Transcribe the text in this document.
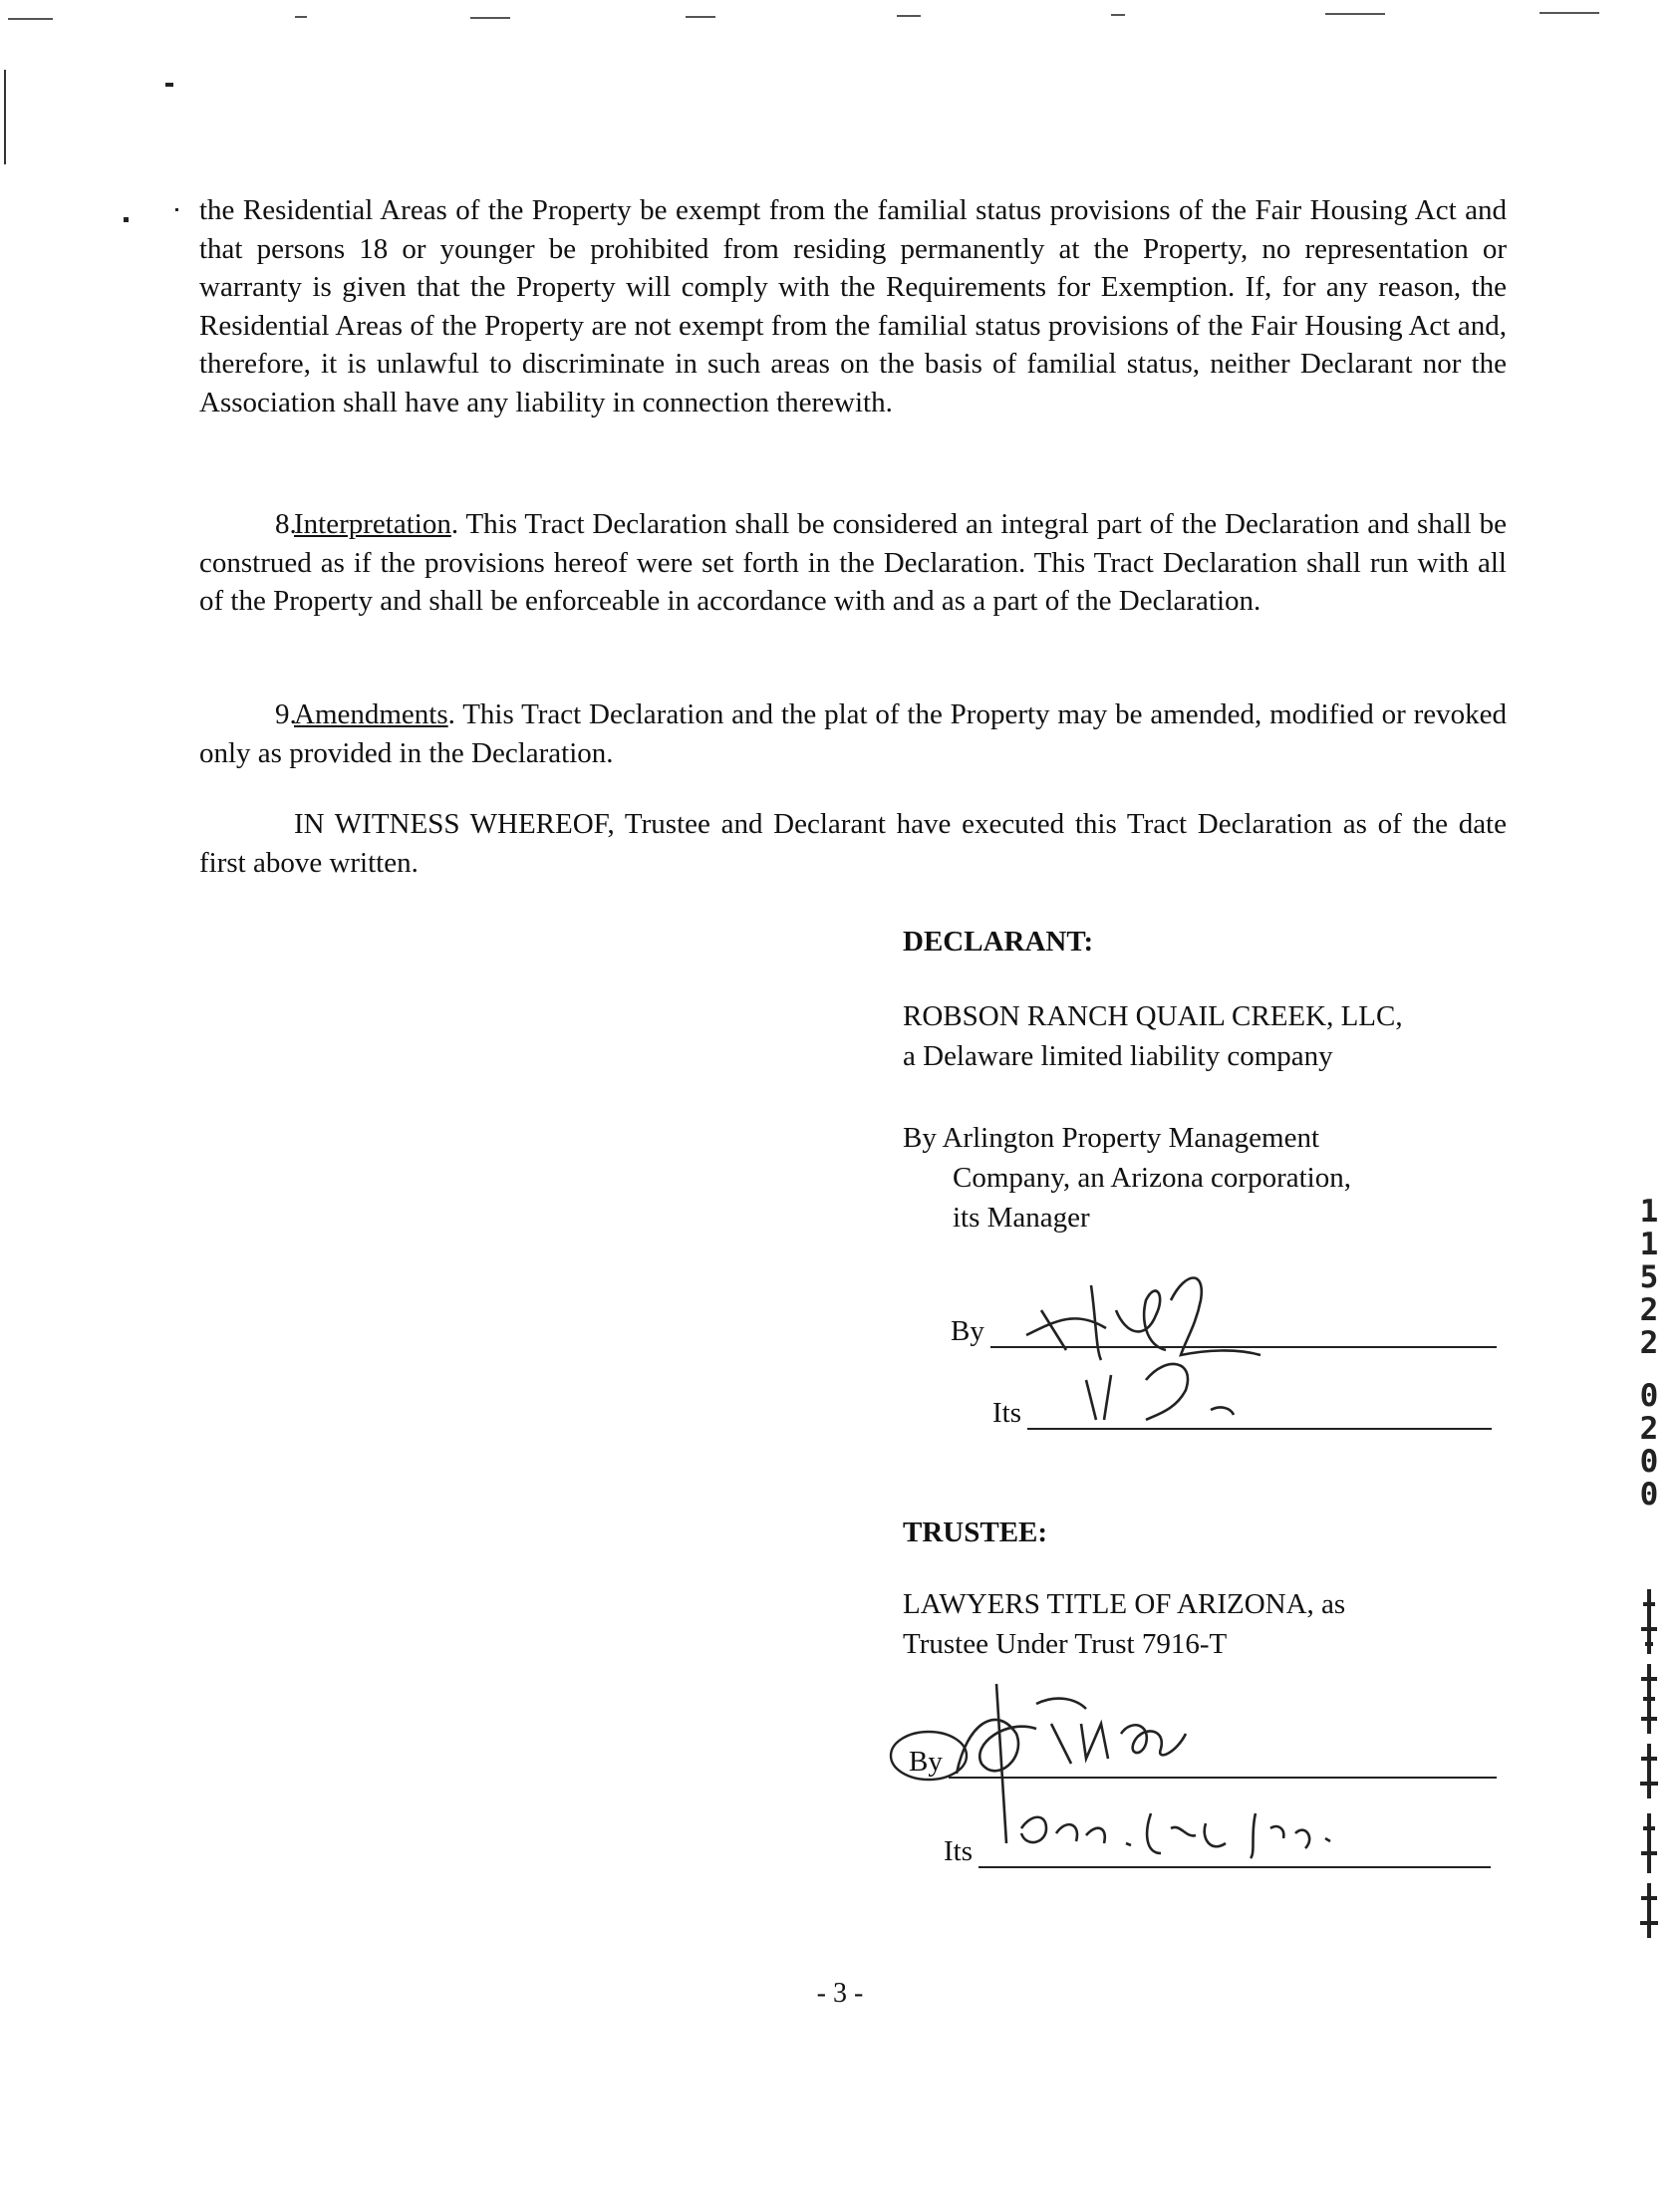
the Residential Areas of the Property be exempt from the familial status provisions of the Fair Housing Act and that persons 18 or younger be prohibited from residing permanently at the Property, no representation or warranty is given that the Property will comply with the Requirements for Exemption. If, for any reason, the Residential Areas of the Property are not exempt from the familial status provisions of the Fair Housing Act and, therefore, it is unlawful to discriminate in such areas on the basis of familial status, neither Declarant nor the Association shall have any liability in connection therewith.

8.Interpretation. This Tract Declaration shall be considered an integral part of the Declaration and shall be construed as if the provisions hereof were set forth in the Declaration. This Tract Declaration shall run with all of the Property and shall be enforceable in accordance with and as a part of the Declaration.

9.Amendments. This Tract Declaration and the plat of the Property may be amended, modified or revoked only as provided in the Declaration.

IN WITNESS WHEREOF, Trustee and Declarant have executed this Tract Declaration as of the date first above written.

DECLARANT:
ROBSON RANCH QUAIL CREEK, LLC,
a Delaware limited liability company
By Arlington Property Management
Company, an Arizona corporation,
its Manager
By
Its
TRUSTEE:
LAWYERS TITLE OF ARIZONA, as
Trustee Under Trust 7916-T
By
Its
- 3 -
1
1
5
2
2
0
2
0
0
